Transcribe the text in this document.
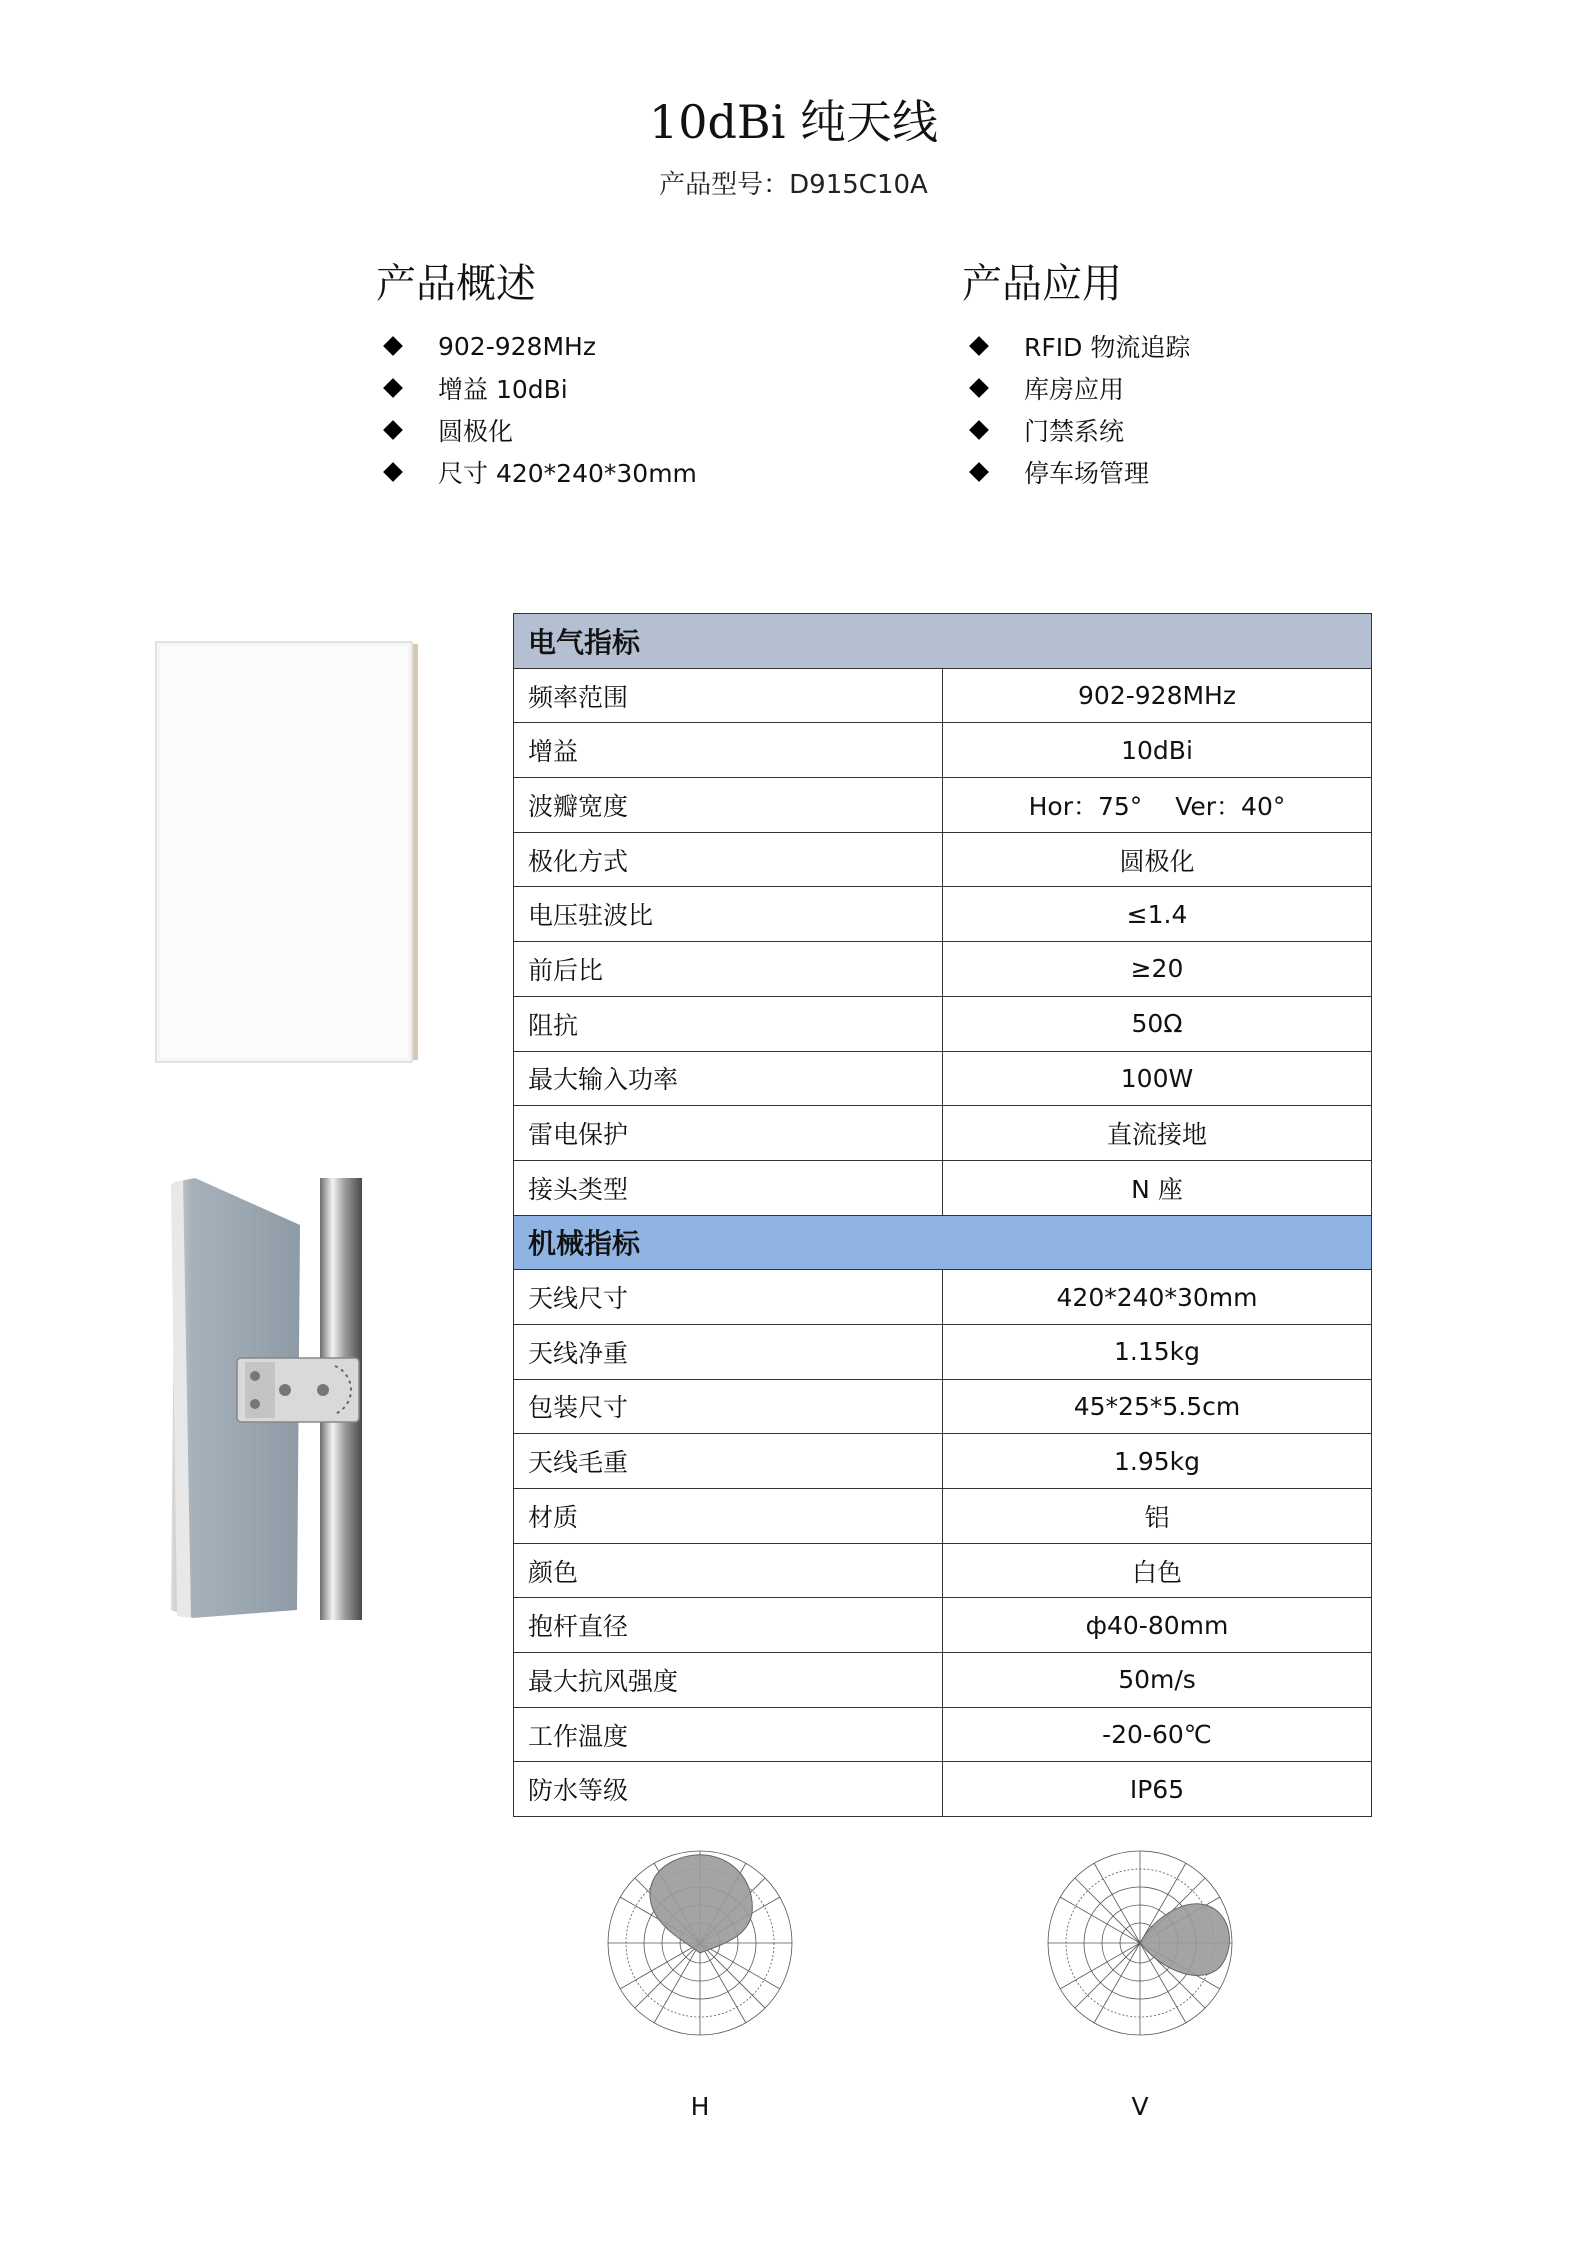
10dBi 纯天线
产品型号：D915C10A
产品概述
902-928MHz
增益 10dBi
圆极化
尺寸 420*240*30mm
产品应用
RFID 物流追踪
库房应用
门禁系统
停车场管理
电气指标	
频率范围	902-928MHz
增益	10dBi
波瓣宽度	Hor：75°　 Ver：40°
极化方式	圆极化
电压驻波比	≤1.4
前后比	≥20
阻抗	50Ω
最大输入功率	100W
雷电保护	直流接地
接头类型	N 座
机械指标	
天线尺寸	420*240*30mm
天线净重	1.15kg
包装尺寸	45*25*5.5cm
天线毛重	1.95kg
材质	铝
颜色	白色
抱杆直径	ф40-80mm
最大抗风强度	50m/s
工作温度	-20-60℃
防水等级	IP65
H	V
